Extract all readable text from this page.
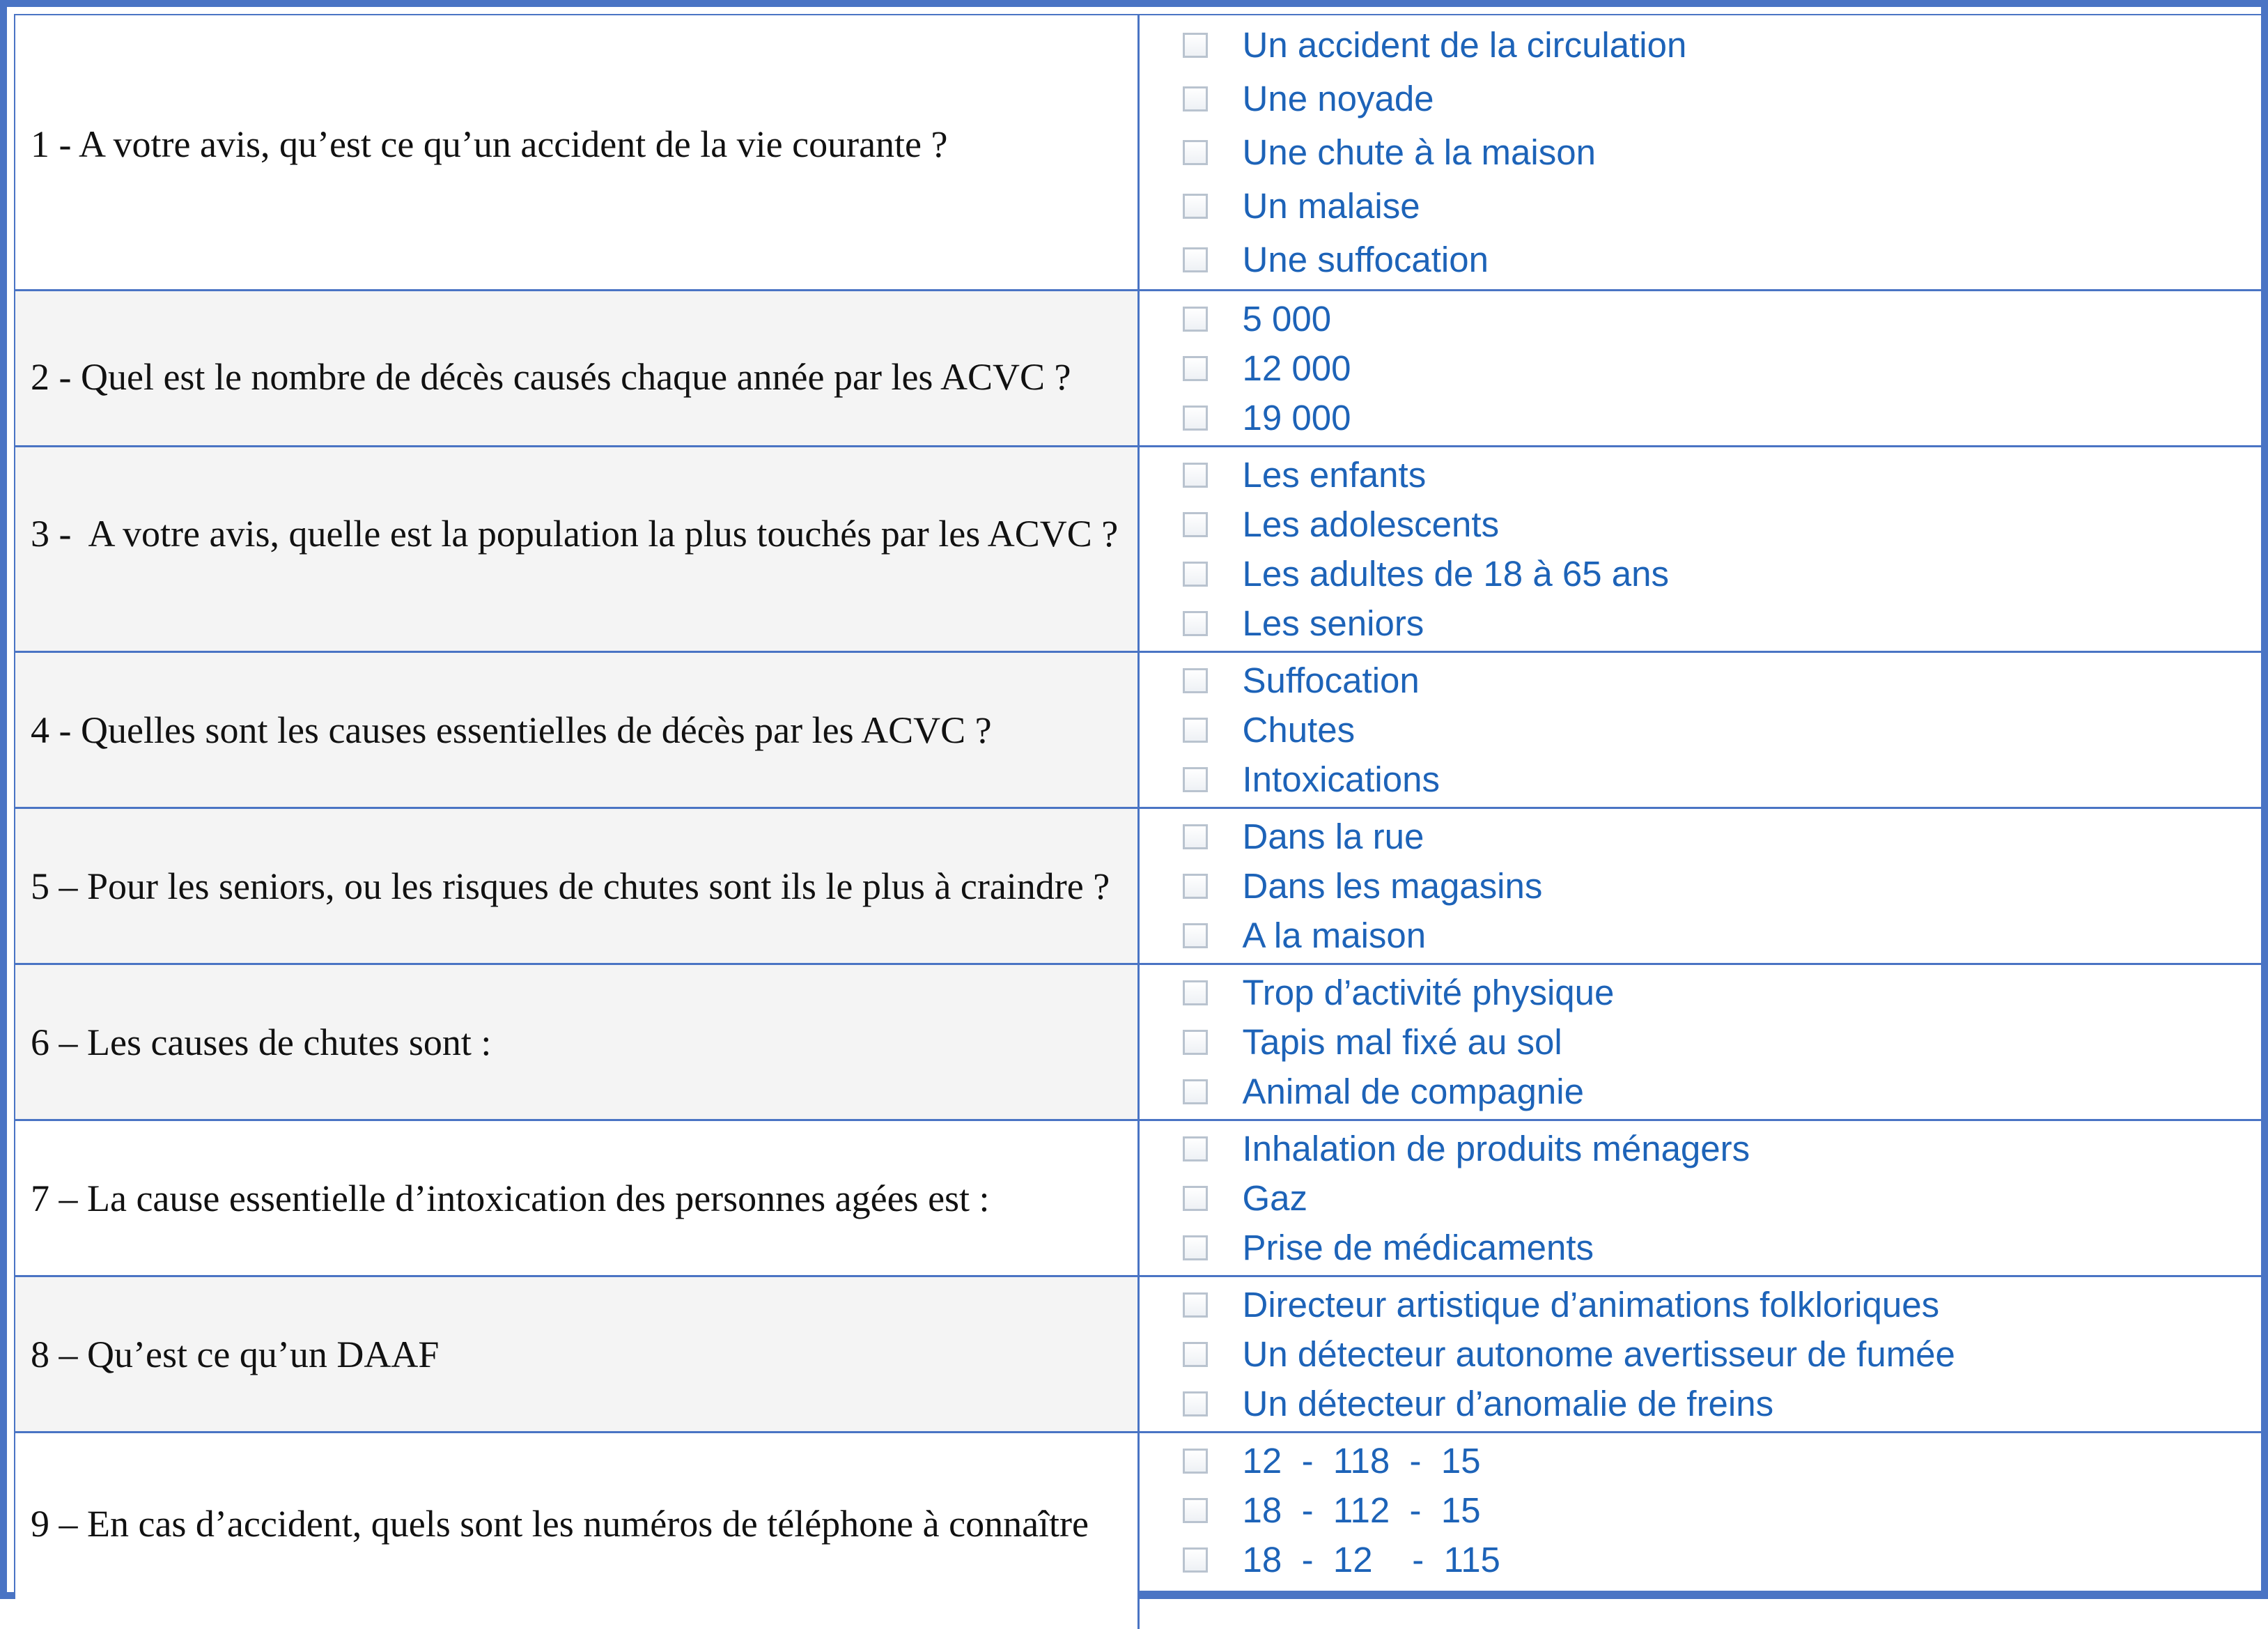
1 - A votre avis, qu’est ce qu’un accident de la vie courante ?	Un accident de la circulation
Une noyade
Une chute à la maison
Un malaise
Une suffocation

2 - Quel est le nombre de décès causés chaque année par les ACVC ?	5 000
12 000
19 000

3 -  A votre avis, quelle est la population la plus touchés par les ACVC ?	Les enfants
Les adolescents
Les adultes de 18 à 65 ans
Les seniors

4 - Quelles sont les causes essentielles de décès par les ACVC ?	Suffocation
Chutes
Intoxications

5 – Pour les seniors, ou les risques de chutes sont ils le plus à craindre ?	Dans la rue
Dans les magasins
A la maison

6 – Les causes de chutes sont :	Trop d’activité physique
Tapis mal fixé au sol
Animal de compagnie

7 – La cause essentielle d’intoxication des personnes agées est :	Inhalation de produits ménagers
Gaz
Prise de médicaments

8 – Qu’est ce qu’un DAAF	Directeur artistique d’animations folkloriques
Un détecteur autonome avertisseur de fumée
Un détecteur d’anomalie de freins

9 – En cas d’accident, quels sont les numéros de téléphone à connaître	12  -  118  -  15
18  -  112  -  15
18  -  12    -  115
